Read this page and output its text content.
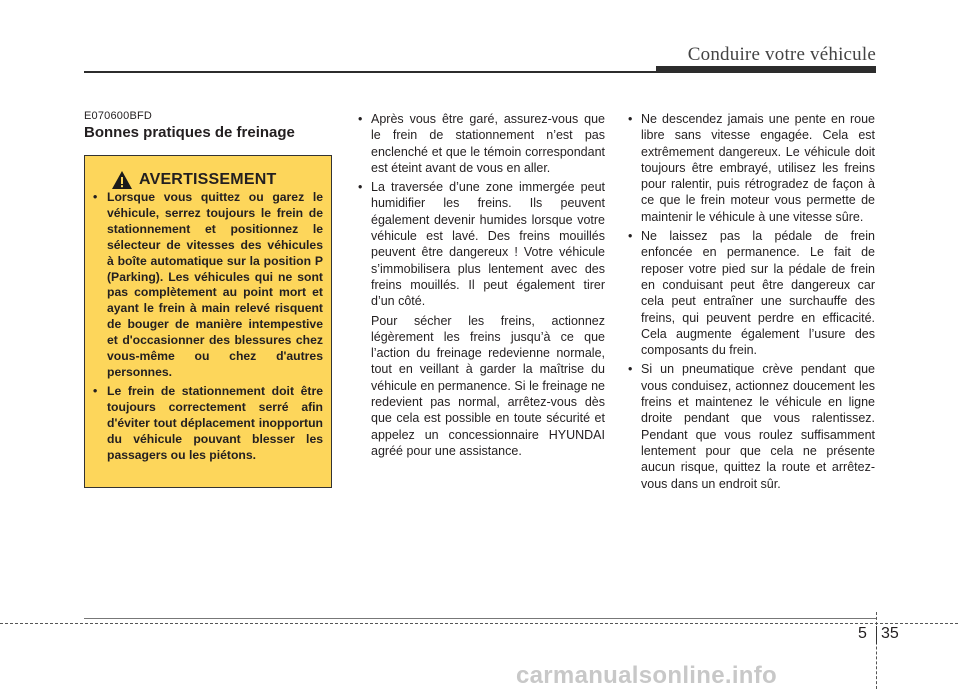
Conduire votre véhicule
E070600BFD
Bonnes pratiques de freinage
AVERTISSEMENT
• Lorsque vous quittez ou garez le véhicule, serrez toujours le frein de stationnement et positionnez le sélecteur de vitesses des véhicules à boîte automatique sur la position P (Parking). Les véhicules qui ne sont pas complètement au point mort et ayant le frein à main relevé risquent de bouger de manière intempestive et d'occasionner des blessures chez vous-même ou chez d'autres personnes.
• Le frein de stationnement doit être toujours correctement serré afin d'éviter tout déplacement inopportun du véhicule pouvant blesser les passagers ou les piétons.

• Après vous être garé, assurez-vous que le frein de stationnement n’est pas enclenché et que le témoin correspondant est éteint avant de vous en aller.

• La traversée d’une zone immergée peut humidifier les freins. Ils peuvent également devenir humides lorsque votre véhicule est lavé. Des freins mouillés peuvent être dangereux ! Votre véhicule s’immobilisera plus lentement avec des freins mouillés. Il peut également tirer d’un côté.

Pour sécher les freins, actionnez légèrement les freins jusqu’à ce que l’action du freinage redevienne normale, tout en veillant à garder la maîtrise du véhicule en permanence. Si le freinage ne redevient pas normal, arrêtez-vous dès que cela est possible en toute sécurité et appelez un concessionnaire HYUNDAI agréé pour une assistance.

• Ne descendez jamais une pente en roue libre sans vitesse engagée. Cela est extrêmement dangereux. Le véhicule doit toujours être embrayé, utilisez les freins pour ralentir, puis rétrogradez de façon à ce que le frein moteur vous permette de maintenir le véhicule à une vitesse sûre.

• Ne laissez pas la pédale de frein enfoncée en permanence. Le fait de reposer votre pied sur la pédale de frein en conduisant peut être dangereux car cela peut entraîner une surchauffe des freins, qui peuvent perdre en efficacité. Cela augmente également l’usure des composants du frein.

• Si un pneumatique crève pendant que vous conduisez, actionnez doucement les freins et maintenez le véhicule en ligne droite pendant que vous ralentissez. Pendant que vous roulez suffisamment lentement pour que cela ne présente aucun risque, quittez la route et arrêtez-vous dans un endroit sûr.

5 35
carmanualsonline.info
